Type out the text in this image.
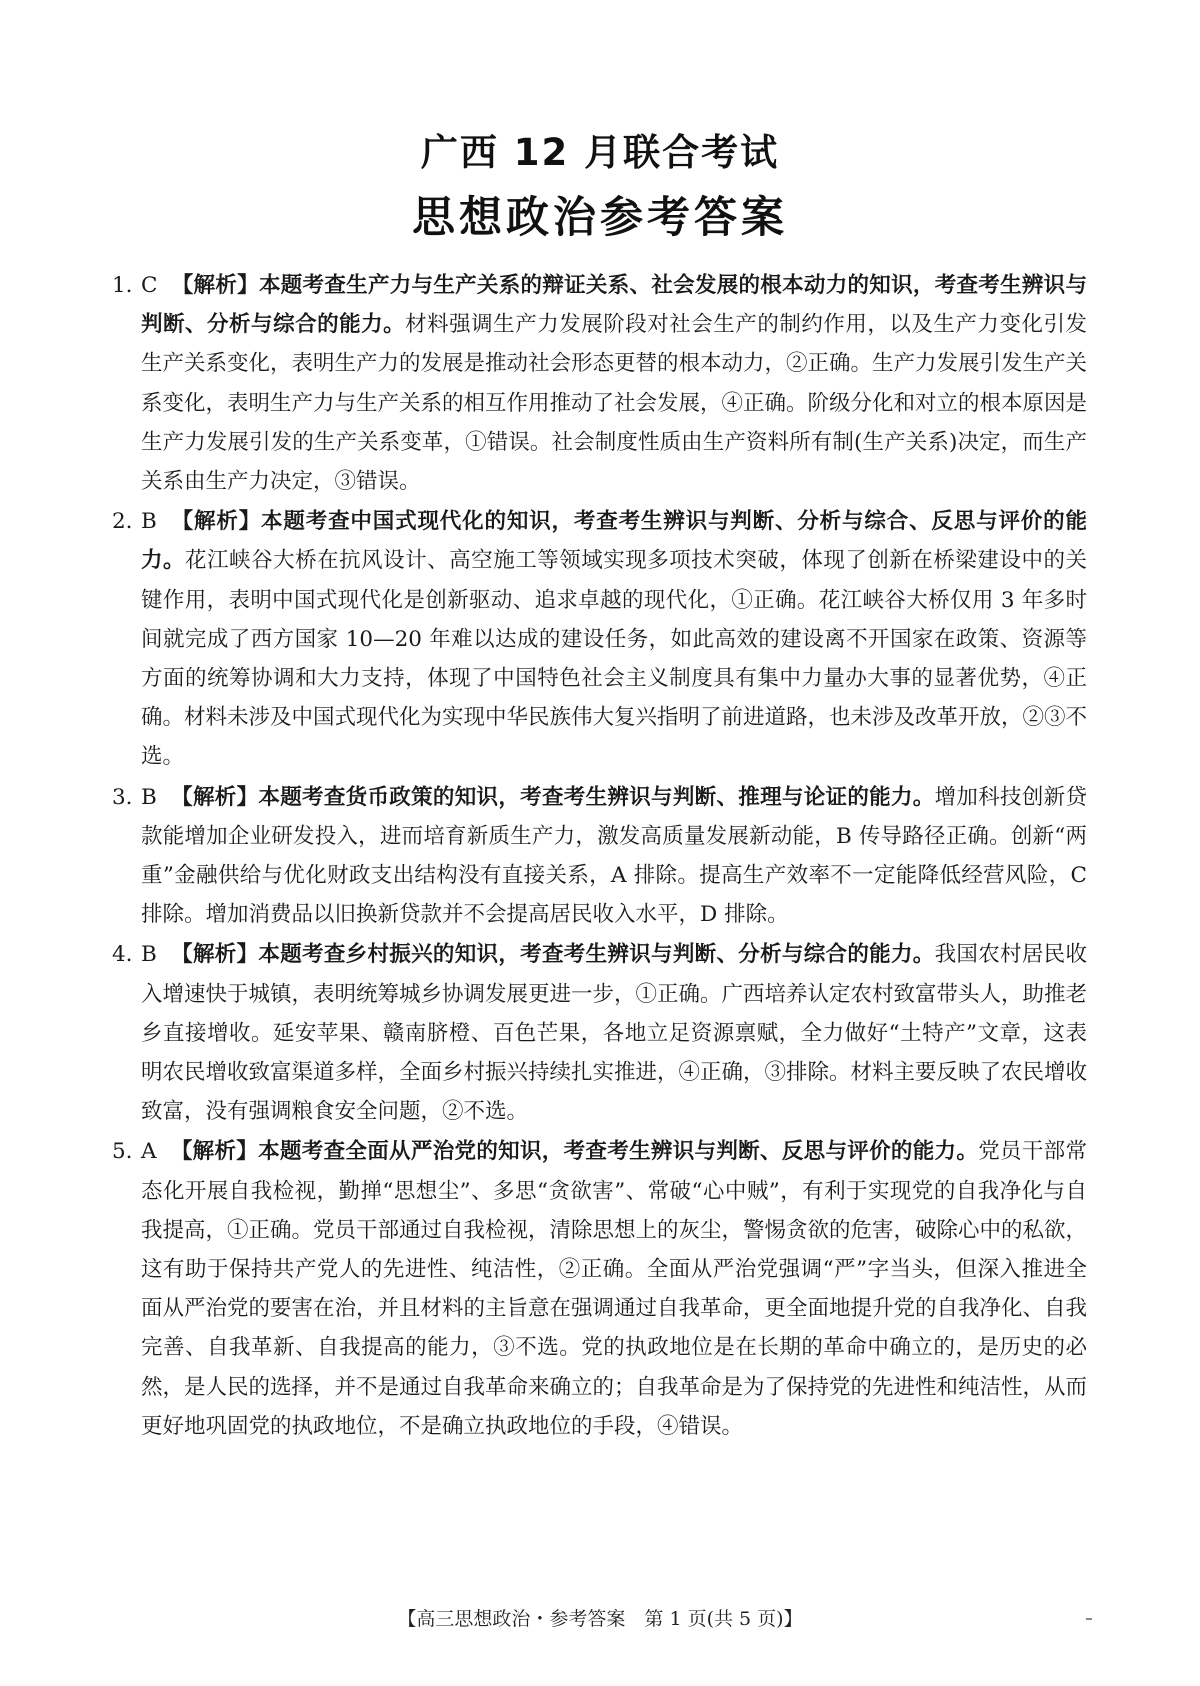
广西 12 月联合考试
思想政治参考答案
1. C 【解析】本题考查生产力与生产关系的辩证关系、社会发展的根本动力的知识，考查考生辨识与判断、分析与综合的能力。材料强调生产力发展阶段对社会生产的制约作用，以及生产力变化引发生产关系变化，表明生产力的发展是推动社会形态更替的根本动力，②正确。生产力发展引发生产关系变化，表明生产力与生产关系的相互作用推动了社会发展，④正确。阶级分化和对立的根本原因是生产力发展引发的生产关系变革，①错误。社会制度性质由生产资料所有制(生产关系)决定，而生产关系由生产力决定，③错误。
2. B 【解析】本题考查中国式现代化的知识，考查考生辨识与判断、分析与综合、反思与评价的能力。花江峡谷大桥在抗风设计、高空施工等领域实现多项技术突破，体现了创新在桥梁建设中的关键作用，表明中国式现代化是创新驱动、追求卓越的现代化，①正确。花江峡谷大桥仅用 3 年多时间就完成了西方国家 10—20 年难以达成的建设任务，如此高效的建设离不开国家在政策、资源等方面的统筹协调和大力支持，体现了中国特色社会主义制度具有集中力量办大事的显著优势，④正确。材料未涉及中国式现代化为实现中华民族伟大复兴指明了前进道路，也未涉及改革开放，②③不选。
3. B 【解析】本题考查货币政策的知识，考查考生辨识与判断、推理与论证的能力。增加科技创新贷款能增加企业研发投入，进而培育新质生产力，激发高质量发展新动能，B 传导路径正确。创新“两重”金融供给与优化财政支出结构没有直接关系，A 排除。提高生产效率不一定能降低经营风险，C 排除。增加消费品以旧换新贷款并不会提高居民收入水平，D 排除。
4. B 【解析】本题考查乡村振兴的知识，考查考生辨识与判断、分析与综合的能力。我国农村居民收入增速快于城镇，表明统筹城乡协调发展更进一步，①正确。广西培养认定农村致富带头人，助推老乡直接增收。延安苹果、赣南脐橙、百色芒果，各地立足资源禀赋，全力做好“土特产”文章，这表明农民增收致富渠道多样，全面乡村振兴持续扎实推进，④正确，③排除。材料主要反映了农民增收致富，没有强调粮食安全问题，②不选。
5. A 【解析】本题考查全面从严治党的知识，考查考生辨识与判断、反思与评价的能力。党员干部常态化开展自我检视，勤掸“思想尘”、多思“贪欲害”、常破“心中贼”，有利于实现党的自我净化与自我提高，①正确。党员干部通过自我检视，清除思想上的灰尘，警惕贪欲的危害，破除心中的私欲，这有助于保持共产党人的先进性、纯洁性，②正确。全面从严治党强调“严”字当头，但深入推进全面从严治党的要害在治，并且材料的主旨意在强调通过自我革命，更全面地提升党的自我净化、自我完善、自我革新、自我提高的能力，③不选。党的执政地位是在长期的革命中确立的，是历史的必然，是人民的选择，并不是通过自我革命来确立的；自我革命是为了保持党的先进性和纯洁性，从而更好地巩固党的执政地位，不是确立执政地位的手段，④错误。
【高三思想政治・参考答案　第 1 页(共 5 页)】
